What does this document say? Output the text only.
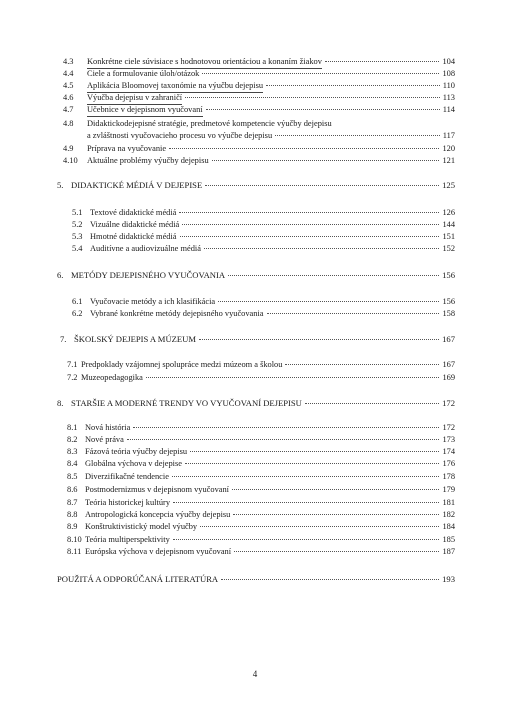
4.3	Konkrétne ciele súvisiace s hodnotovou orientáciou a konaním žiakov	104
4.4	Ciele a formulovanie úloh/otázok	108
4.5	Aplikácia Bloomovej taxonómie na výučbu dejepisu	110
4.6	Výučba dejepisu v zahraničí	113
4.7	Učebnice v dejepisnom vyučovaní	114
4.8	Didaktickodejepisné stratégie, predmetové kompetencie výučby dejepisu
a zvláštnosti vyučovacieho procesu vo výučbe dejepisu	117
4.9	Príprava na vyučovanie	120
4.10	Aktuálne problémy výučby dejepisu	121
5. DIDAKTICKÉ MÉDIÁ V DEJEPISE	125
5.1 Textové didaktické médiá	126
5.2 Vizuálne didaktické médiá	144
5.3 Hmotné didaktické médiá	151
5.4 Auditívne a audiovizuálne médiá	152
6. METÓDY DEJEPISNÉHO VYUČOVANIA	156
6.1 Vyučovacie metódy a ich klasifikácia	156
6.2 Vybrané konkrétne metódy dejepisného vyučovania	158
7. ŠKOLSKÝ DEJEPIS A MÚZEUM	167
7.1 Predpoklady vzájomnej spolupráce medzi múzeom a školou	167
7.2 Muzeopedagogika	169
8. STARŠIE A MODERNÉ TRENDY VO VYUČOVANÍ DEJEPISU	172
8.1 Nová história	172
8.2 Nové práva	173
8.3 Fázová teória výučby dejepisu	174
8.4 Globálna výchova v dejepise	176
8.5 Diverzifikačné tendencie	178
8.6 Postmodernizmus v dejepisnom vyučovaní	179
8.7 Teória historickej kultúry	181
8.8 Antropologická koncepcia výučby dejepisu	182
8.9 Konštruktivistický model výučby	184
8.10 Teória multiperspektivity	185
8.11 Európska výchova v dejepisnom vyučovaní	187
POUŽITÁ A ODPORÚČANÁ LITERATÚRA	193
4
